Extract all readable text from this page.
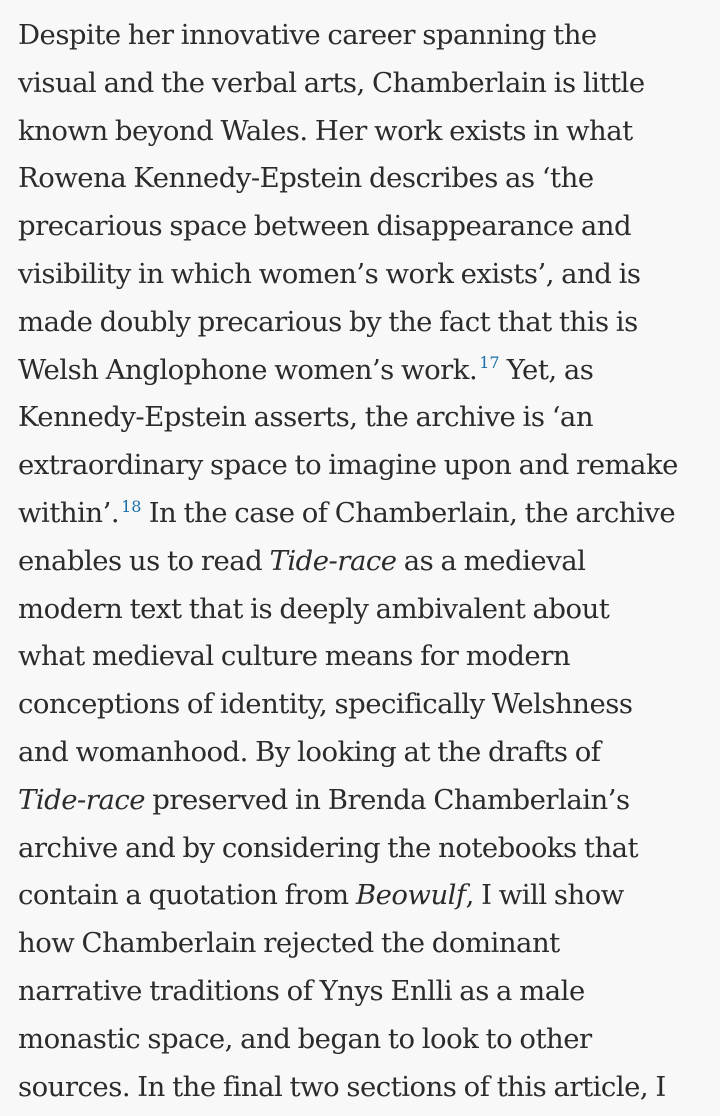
Despite her innovative career spanning the
visual and the verbal arts, Chamberlain is little
known beyond Wales. Her work exists in what
Rowena Kennedy-Epstein describes as ‘the
precarious space between disappearance and
visibility in which women’s work exists’, and is
made doubly precarious by the fact that this is
Welsh Anglophone women’s work. $^{17}$ Yet, as
Kennedy-Epstein asserts, the archive is ‘an
extraordinary space to imagine upon and remake
within’. $^{18}$ In the case of Chamberlain, the archive
enables us to read Tide-race as a medieval
modern text that is deeply ambivalent about
what medieval culture means for modern
conceptions of identity, specifically Welshness
and womanhood. By looking at the drafts of
Tide-race preserved in Brenda Chamberlain’s
archive and by considering the notebooks that
contain a quotation from Beowulf, I will show
how Chamberlain rejected the dominant
narrative traditions of Ynys Enlli as a male
monastic space, and began to look to other
sources. In the final two sections of this article, I
